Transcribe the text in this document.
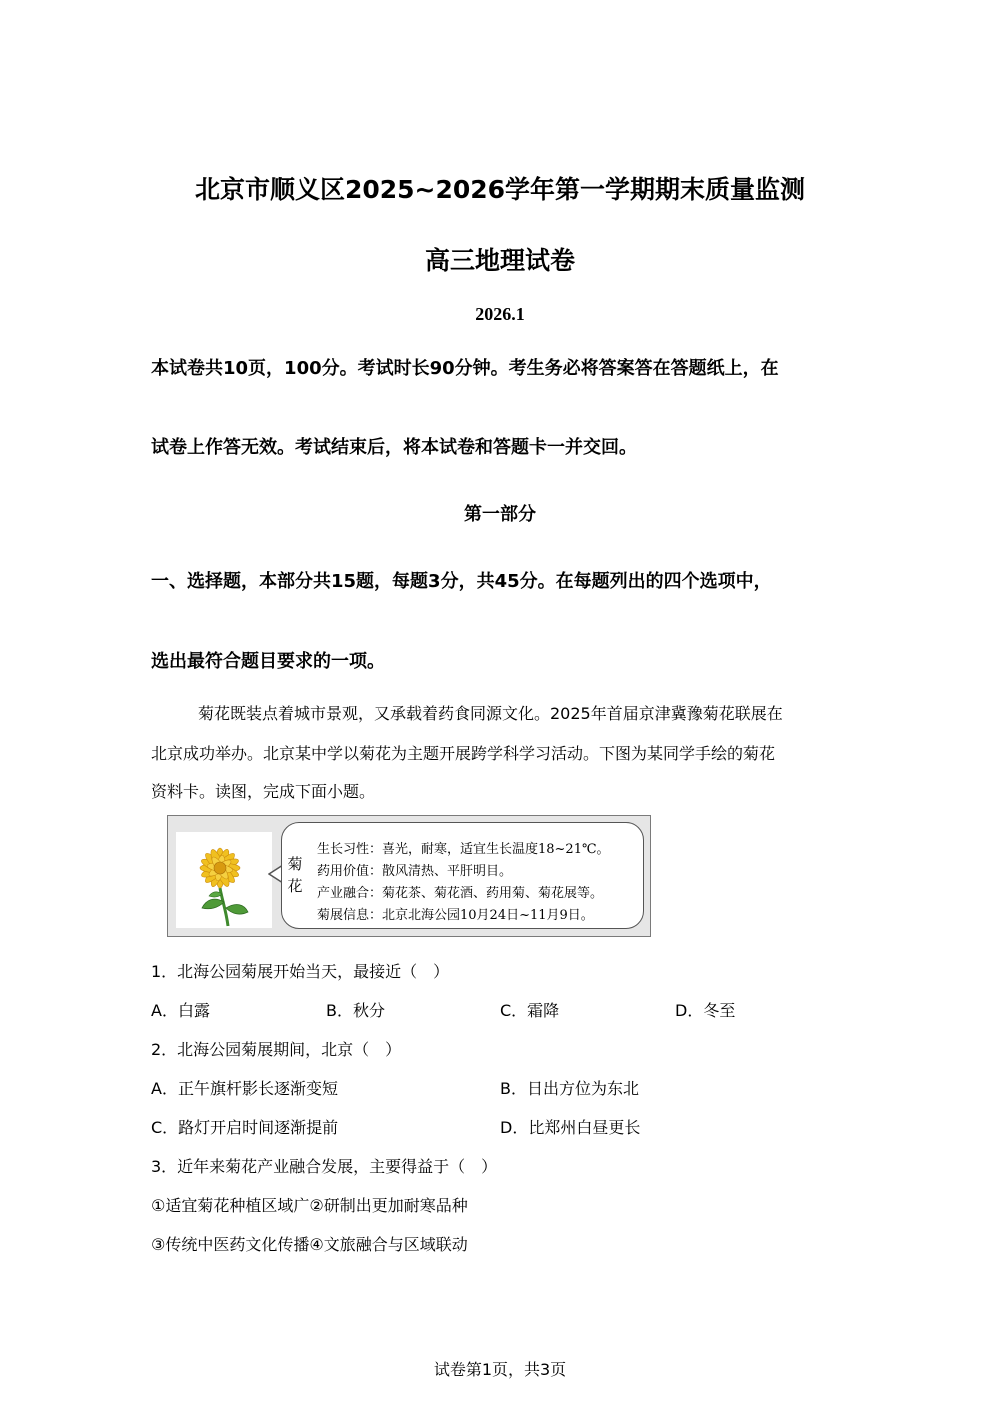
北京市顺义区2025~2026学年第一学期期末质量监测
高三地理试卷
2026.1
本试卷共10页，100分。考试时长90分钟。考生务必将答案答在答题纸上，在
试卷上作答无效。考试结束后，将本试卷和答题卡一并交回。
第一部分
一、选择题，本部分共15题，每题3分，共45分。在每题列出的四个选项中，
选出最符合题目要求的一项。
菊花既装点着城市景观，又承载着药食同源文化。2025年首届京津冀豫菊花联展在
北京成功举办。北京某中学以菊花为主题开展跨学科学习活动。下图为某同学手绘的菊花
资料卡。读图，完成下面小题。
菊
花
生长习性：喜光，耐寒，适宜生长温度18~21℃。
药用价值：散风清热、平肝明目。
产业融合：菊花茶、菊花酒、药用菊、菊花展等。
菊展信息：北京北海公园10月24日~11月9日。
1．北海公园菊展开始当天，最接近（　）
A．白露	B．秋分	C．霜降	D．冬至
2．北海公园菊展期间，北京（　）
A．正午旗杆影长逐渐变短	B．日出方位为东北
C．路灯开启时间逐渐提前	D．比郑州白昼更长
3．近年来菊花产业融合发展，主要得益于（　）
①适宜菊花种植区域广②研制出更加耐寒品种
③传统中医药文化传播④文旅融合与区域联动
试卷第1页，共3页
